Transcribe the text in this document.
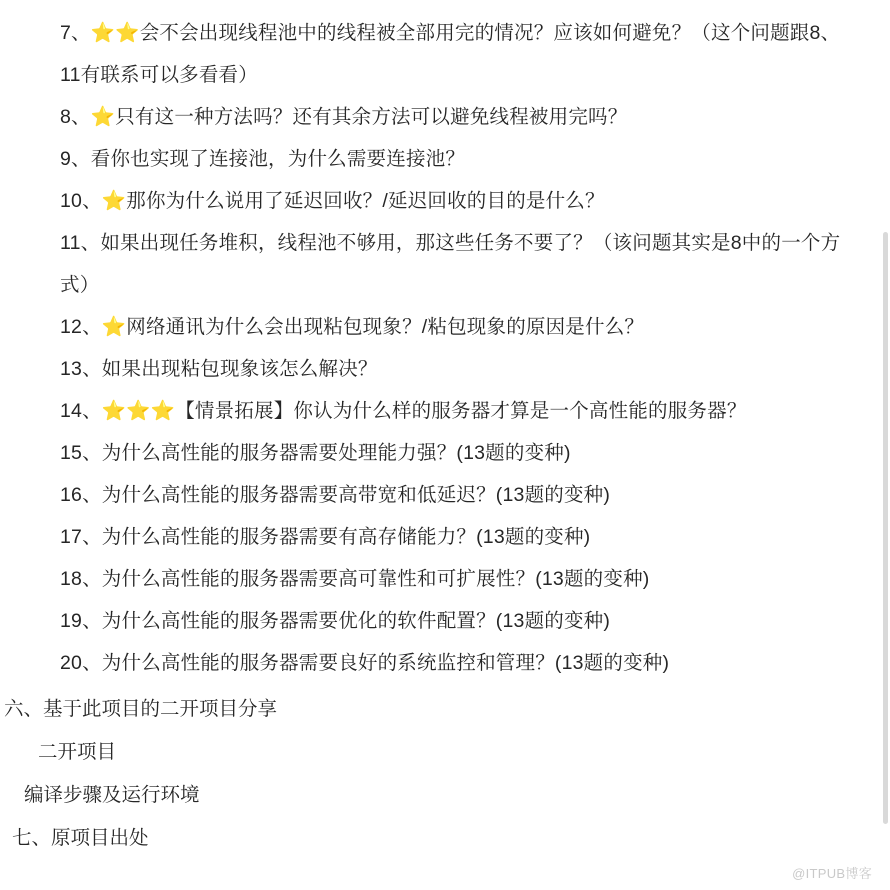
7、⭐⭐会不会出现线程池中的线程被全部用完的情况？应该如何避免？（这个问题跟8、11有联系可以多看看）
8、⭐只有这一种方法吗？还有其余方法可以避免线程被用完吗？
9、看你也实现了连接池，为什么需要连接池？
10、⭐那你为什么说用了延迟回收？/延迟回收的目的是什么？
11、如果出现任务堆积，线程池不够用，那这些任务不要了？（该问题其实是8中的一个方式）
12、⭐网络通讯为什么会出现粘包现象？/粘包现象的原因是什么？
13、如果出现粘包现象该怎么解决？
14、⭐⭐⭐【情景拓展】你认为什么样的服务器才算是一个高性能的服务器？
15、为什么高性能的服务器需要处理能力强？(13题的变种)
16、为什么高性能的服务器需要高带宽和低延迟？(13题的变种)
17、为什么高性能的服务器需要有高存储能力？(13题的变种)
18、为什么高性能的服务器需要高可靠性和可扩展性？(13题的变种)
19、为什么高性能的服务器需要优化的软件配置？(13题的变种)
20、为什么高性能的服务器需要良好的系统监控和管理？(13题的变种)
六、基于此项目的二开项目分享
二开项目
编译步骤及运行环境
七、原项目出处
@ITPUB博客
